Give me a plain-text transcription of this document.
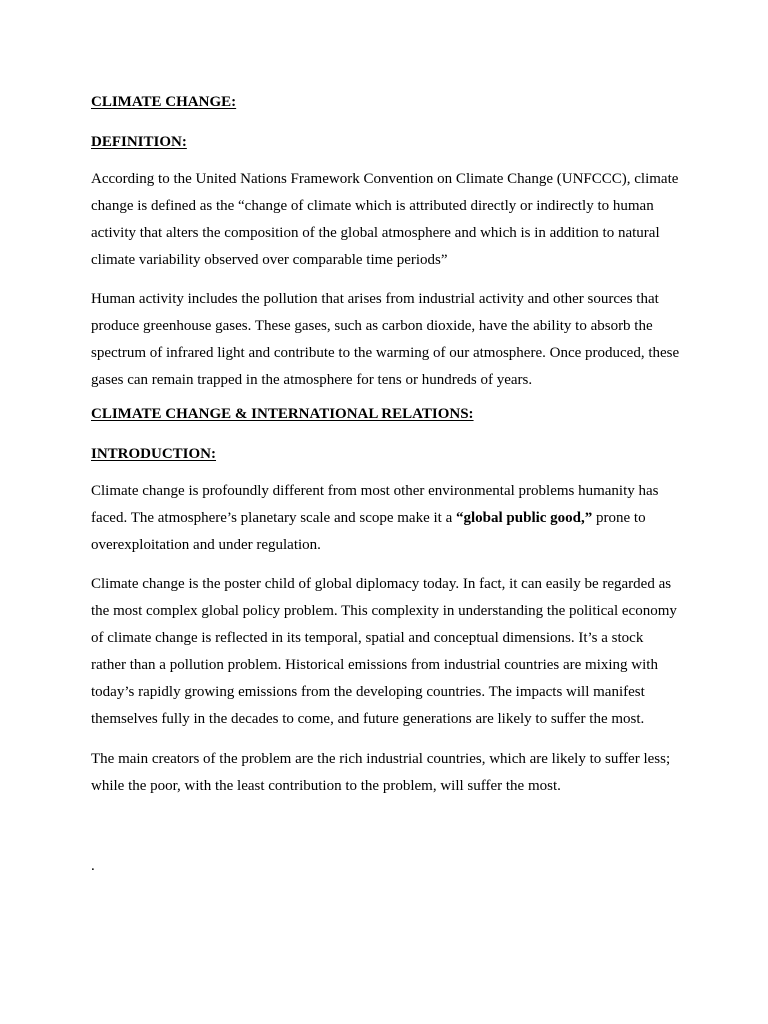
CLIMATE CHANGE:

DEFINITION:

According to the United Nations Framework Convention on Climate Change (UNFCCC), climate change is defined as the “change of climate which is attributed directly or indirectly to human activity that alters the composition of the global atmosphere and which is in addition to natural climate variability observed over comparable time periods”

Human activity includes the pollution that arises from industrial activity and other sources that produce greenhouse gases. These gases, such as carbon dioxide, have the ability to absorb the spectrum of infrared light and contribute to the warming of our atmosphere. Once produced, these gases can remain trapped in the atmosphere for tens or hundreds of years.

CLIMATE CHANGE & INTERNATIONAL RELATIONS:

INTRODUCTION:

Climate change is profoundly different from most other environmental problems humanity has faced. The atmosphere’s planetary scale and scope make it a “global public good,” prone to overexploitation and under regulation.

Climate change is the poster child of global diplomacy today. In fact, it can easily be regarded as the most complex global policy problem. This complexity in understanding the political economy of climate change is reflected in its temporal, spatial and conceptual dimensions. It’s a stock rather than a pollution problem. Historical emissions from industrial countries are mixing with today’s rapidly growing emissions from the developing countries. The impacts will manifest themselves fully in the decades to come, and future generations are likely to suffer the most.

The main creators of the problem are the rich industrial countries, which are likely to suffer less; while the poor, with the least contribution to the problem, will suffer the most.

.
